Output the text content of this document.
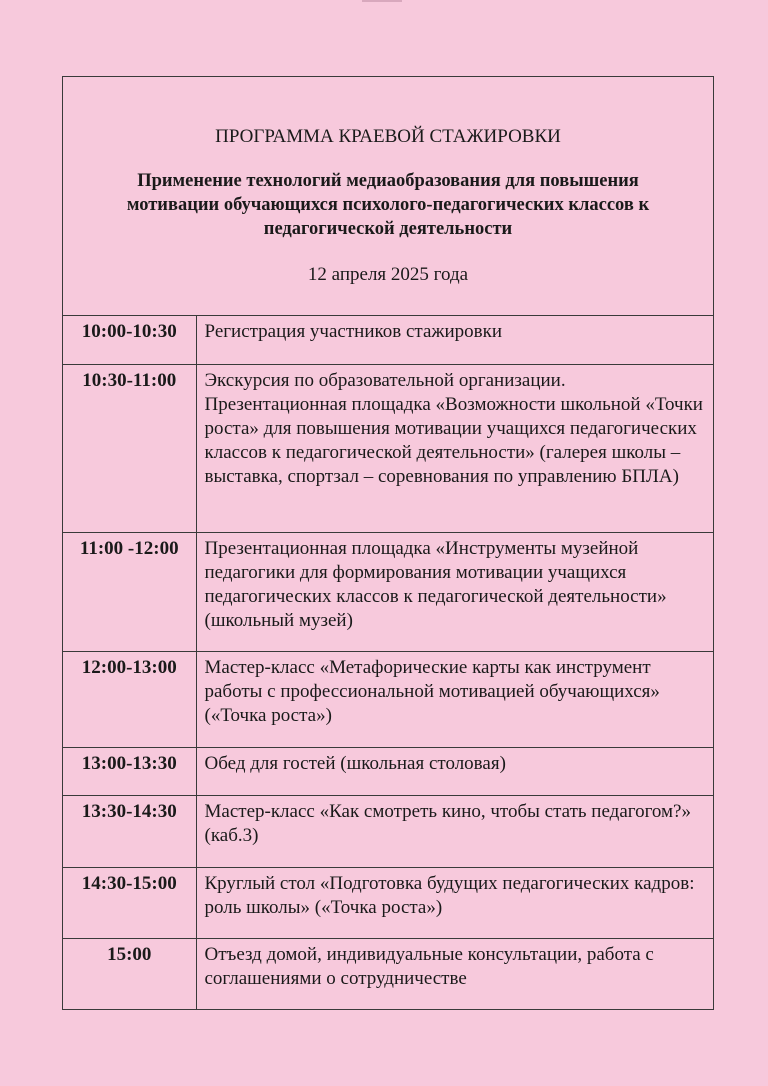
ПРОГРАММА КРАЕВОЙ СТАЖИРОВКИ

Применение технологий медиаобразования для повышения мотивации обучающихся психолого-педагогических классов к педагогической деятельности

12 апреля 2025 года

10:00-10:30	Регистрация участников стажировки
10:30-11:00	Экскурсия по образовательной организации. Презентационная площадка «Возможности школьной «Точки роста» для повышения мотивации учащихся педагогических классов к педагогической деятельности» (галерея школы – выставка, спортзал – соревнования по управлению БПЛА)
11:00 -12:00	Презентационная площадка «Инструменты музейной педагогики для формирования мотивации учащихся педагогических классов к педагогической деятельности» (школьный музей)
12:00-13:00	Мастер-класс «Метафорические карты как инструмент работы с профессиональной мотивацией обучающихся» («Точка роста»)
13:00-13:30	Обед для гостей (школьная столовая)
13:30-14:30	Мастер-класс «Как смотреть кино, чтобы стать педагогом?» (каб.3)
14:30-15:00	Круглый стол «Подготовка будущих педагогических кадров: роль школы» («Точка роста»)
15:00	Отъезд домой, индивидуальные консультации, работа с соглашениями о сотрудничестве
